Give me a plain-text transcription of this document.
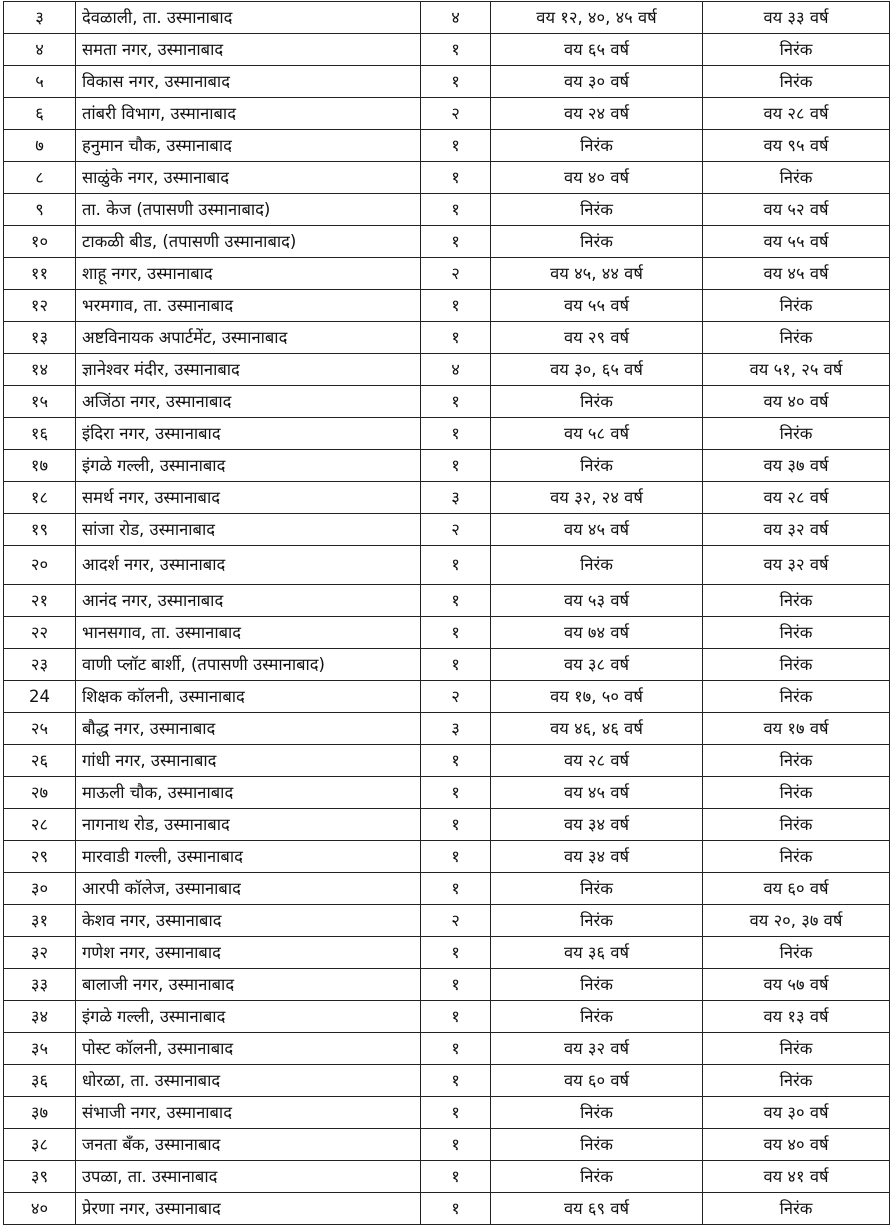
३	देवळाली, ता. उस्मानाबाद	४	वय १२, ४०, ४५ वर्ष	वय ३३ वर्ष
४	समता नगर, उस्मानाबाद	१	वय ६५ वर्ष	निरंक
५	विकास नगर, उस्मानाबाद	१	वय ३० वर्ष	निरंक
६	तांबरी विभाग, उस्मानाबाद	२	वय २४ वर्ष	वय २८ वर्ष
७	हनुमान चौक, उस्मानाबाद	१	निरंक	वय ९५ वर्ष
८	साळुंके नगर, उस्मानाबाद	१	वय ४० वर्ष	निरंक
९	ता. केज (तपासणी उस्मानाबाद)	१	निरंक	वय ५२ वर्ष
१०	टाकळी बीड, (तपासणी उस्मानाबाद)	१	निरंक	वय ५५ वर्ष
११	शाहू नगर, उस्मानाबाद	२	वय ४५, ४४ वर्ष	वय ४५ वर्ष
१२	भरमगाव, ता. उस्मानाबाद	१	वय ५५ वर्ष	निरंक
१३	अष्टविनायक अपार्टमेंट, उस्मानाबाद	१	वय २९ वर्ष	निरंक
१४	ज्ञानेश्वर मंदीर, उस्मानाबाद	४	वय ३०, ६५ वर्ष	वय ५१, २५ वर्ष
१५	अजिंठा नगर, उस्मानाबाद	१	निरंक	वय ४० वर्ष
१६	इंदिरा नगर, उस्मानाबाद	१	वय ५८ वर्ष	निरंक
१७	इंगळे गल्ली, उस्मानाबाद	१	निरंक	वय ३७ वर्ष
१८	समर्थ नगर, उस्मानाबाद	३	वय ३२, २४ वर्ष	वय २८ वर्ष
१९	सांजा रोड, उस्मानाबाद	२	वय ४५ वर्ष	वय ३२ वर्ष
२०	आदर्श नगर, उस्मानाबाद	१	निरंक	वय ३२ वर्ष
२१	आनंद नगर, उस्मानाबाद	१	वय ५३ वर्ष	निरंक
२२	भानसगाव, ता. उस्मानाबाद	१	वय ७४ वर्ष	निरंक
२३	वाणी प्लॉट बार्शी, (तपासणी उस्मानाबाद)	१	वय ३८ वर्ष	निरंक
24	शिक्षक कॉलनी, उस्मानाबाद	२	वय १७, ५० वर्ष	निरंक
२५	बौद्ध नगर, उस्मानाबाद	३	वय ४६, ४६ वर्ष	वय १७ वर्ष
२६	गांधी नगर, उस्मानाबाद	१	वय २८ वर्ष	निरंक
२७	माऊली चौक, उस्मानाबाद	१	वय ४५ वर्ष	निरंक
२८	नागनाथ रोड, उस्मानाबाद	१	वय ३४ वर्ष	निरंक
२९	मारवाडी गल्ली, उस्मानाबाद	१	वय ३४ वर्ष	निरंक
३०	आरपी कॉलेज, उस्मानाबाद	१	निरंक	वय ६० वर्ष
३१	केशव नगर, उस्मानाबाद	२	निरंक	वय २०, ३७ वर्ष
३२	गणेश नगर, उस्मानाबाद	१	वय ३६ वर्ष	निरंक
३३	बालाजी नगर, उस्मानाबाद	१	निरंक	वय ५७ वर्ष
३४	इंगळे गल्ली, उस्मानाबाद	१	निरंक	वय १३ वर्ष
३५	पोस्ट कॉलनी, उस्मानाबाद	१	वय ३२ वर्ष	निरंक
३६	धोरळा, ता. उस्मानाबाद	१	वय ६० वर्ष	निरंक
३७	संभाजी नगर, उस्मानाबाद	१	निरंक	वय ३० वर्ष
३८	जनता बँक, उस्मानाबाद	१	निरंक	वय ४० वर्ष
३९	उपळा, ता. उस्मानाबाद	१	निरंक	वय ४१ वर्ष
४०	प्रेरणा नगर, उस्मानाबाद	१	वय ६९ वर्ष	निरंक
